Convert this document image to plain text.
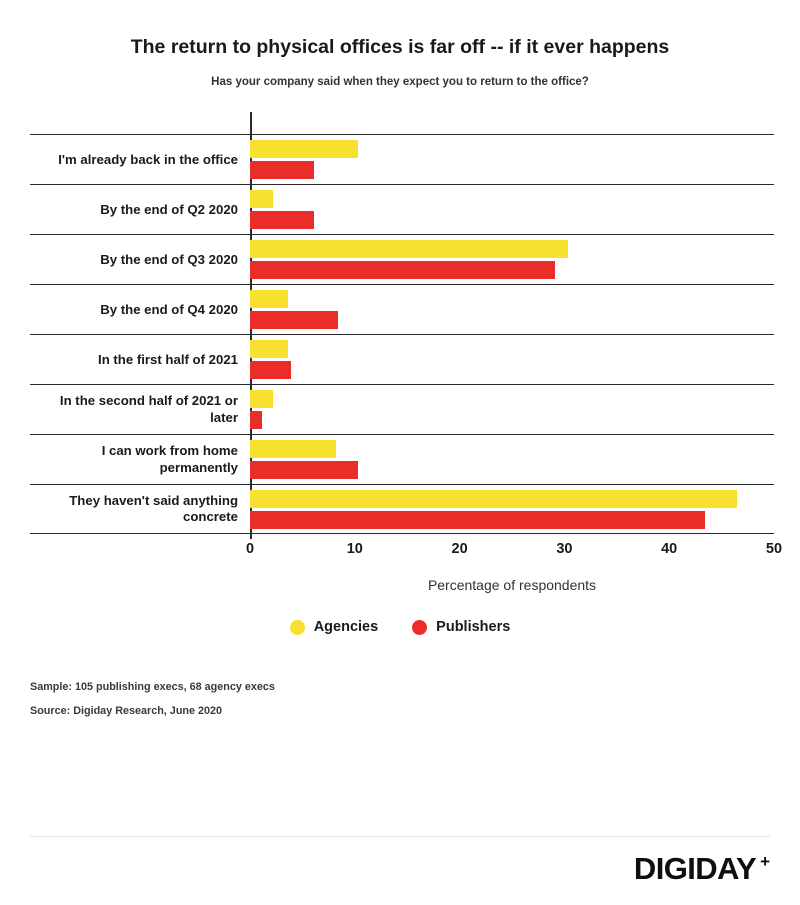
The return to physical offices is far off -- if it ever happens
Has your company said when they expect you to return to the office?
I'm already back in the office
By the end of Q2 2020
By the end of Q3 2020
By the end of Q4 2020
In the first half of 2021
In the second half of 2021 or later
I can work from home permanently
They haven't said anything concrete
0	10	20	30	40	50
Percentage of respondents
Agencies	Publishers
Sample: 105 publishing execs, 68 agency execs
Source: Digiday Research, June 2020
DIGIDAY +
